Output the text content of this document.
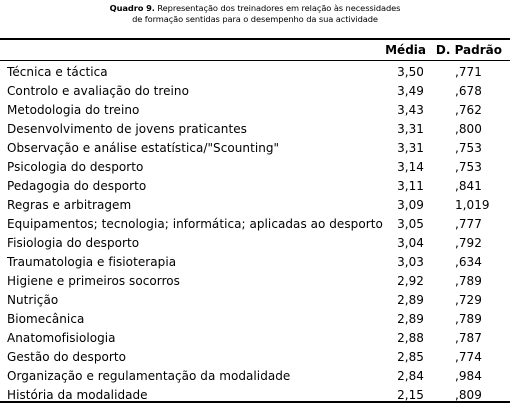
Quadro 9. Representação dos treinadores em relação às necessidades
de formação sentidas para o desempenho da sua actividade
Média D. Padrão
Técnica e táctica	3,50	,771
Controlo e avaliação do treino	3,49	,678
Metodologia do treino	3,43	,762
Desenvolvimento de jovens praticantes	3,31	,800
Observação e análise estatística/"Scounting"	3,31	,753
Psicologia do desporto	3,14	,753
Pedagogia do desporto	3,11	,841
Regras e arbitragem	3,09	1,019
Equipamentos; tecnologia; informática; aplicadas ao desporto 3,05	,777
Fisiologia do desporto	3,04	,792
Traumatologia e fisioterapia	3,03	,634
Higiene e primeiros socorros	2,92	,789
Nutrição	2,89	,729
Biomecânica	2,89	,789
Anatomofisiologia	2,88	,787
Gestão do desporto	2,85	,774
Organização e regulamentação da modalidade	2,84	,984
História da modalidade	2,15	,809
